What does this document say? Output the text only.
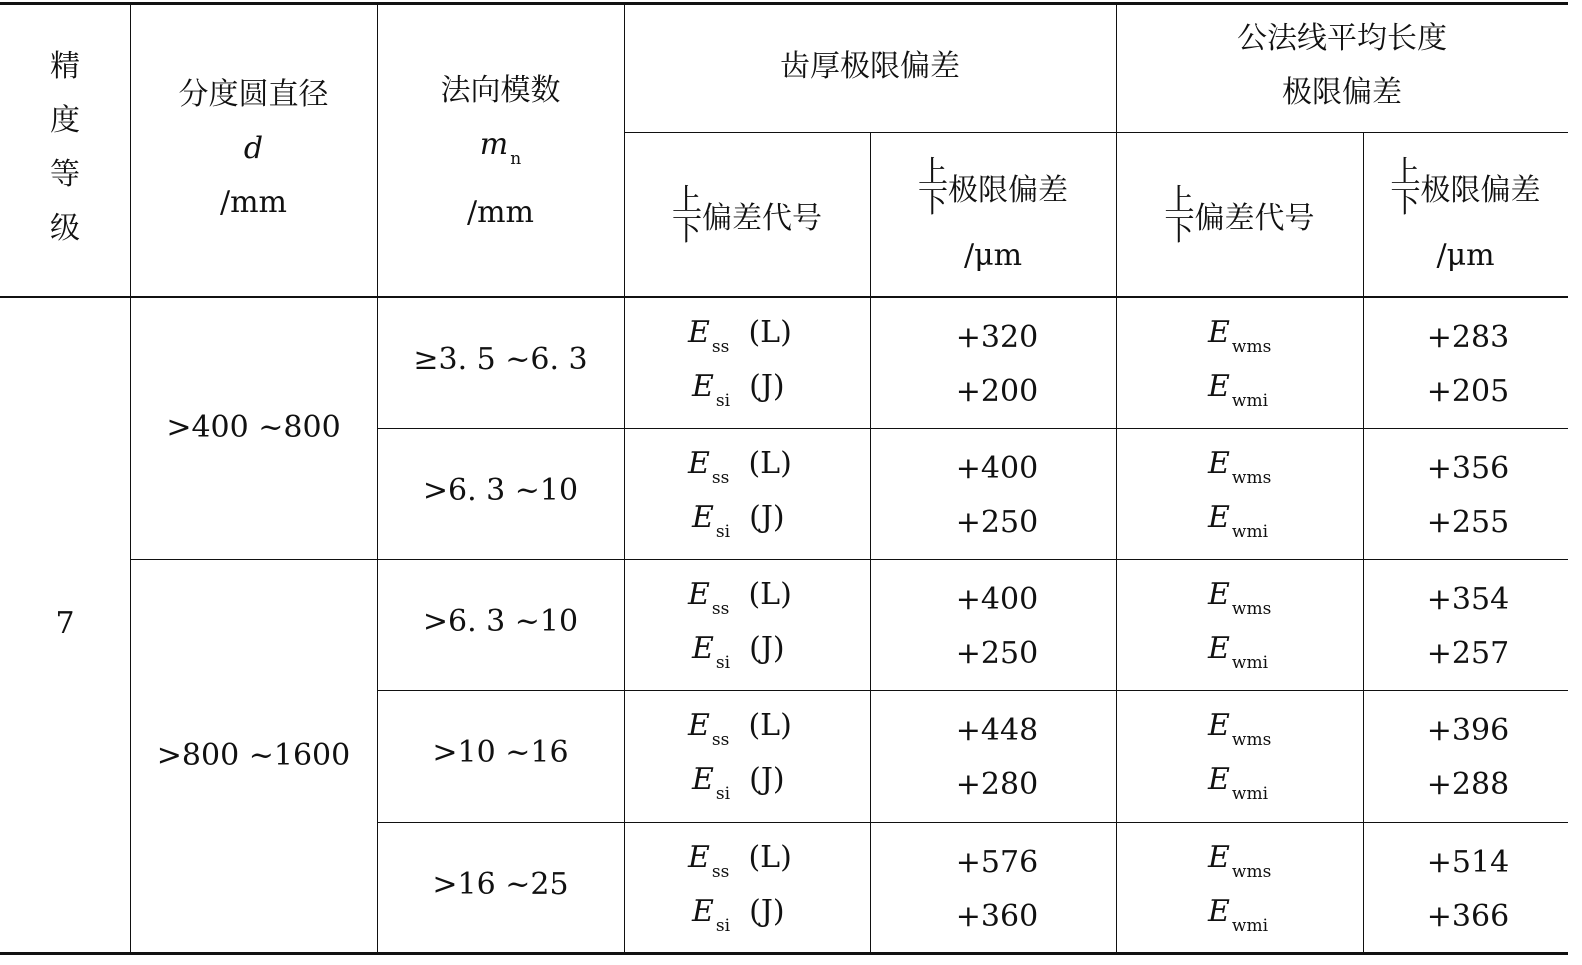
精
度
等
级
分度圆直径
d
/mm
法向模数
m $_n$
/mm
齿厚极限偏差
公法线平均长度
极限偏差
上
下 偏差代号
上
下 极限偏差
/μm
上
下 偏差代号
上
下 极限偏差
/μm
7
>400 ~800
>800 ~1600
≥3. 5 ~6. 3
E $_{ss}$ (L)
E $_{si}$ (J)
+320
+200
E $_{wms}$
E $_{wmi}$
+283
+205
>6. 3 ~10
E $_{ss}$ (L)
E $_{si}$ (J)
+400
+250
E $_{wms}$
E $_{wmi}$
+356
+255
>6. 3 ~10
E $_{ss}$ (L)
E $_{si}$ (J)
+400
+250
E $_{wms}$
E $_{wmi}$
+354
+257
>10 ~16
E $_{ss}$ (L)
E $_{si}$ (J)
+448
+280
E $_{wms}$
E $_{wmi}$
+396
+288
>16 ~25
E $_{ss}$ (L)
E $_{si}$ (J)
+576
+360
E $_{wms}$
E $_{wmi}$
+514
+366
